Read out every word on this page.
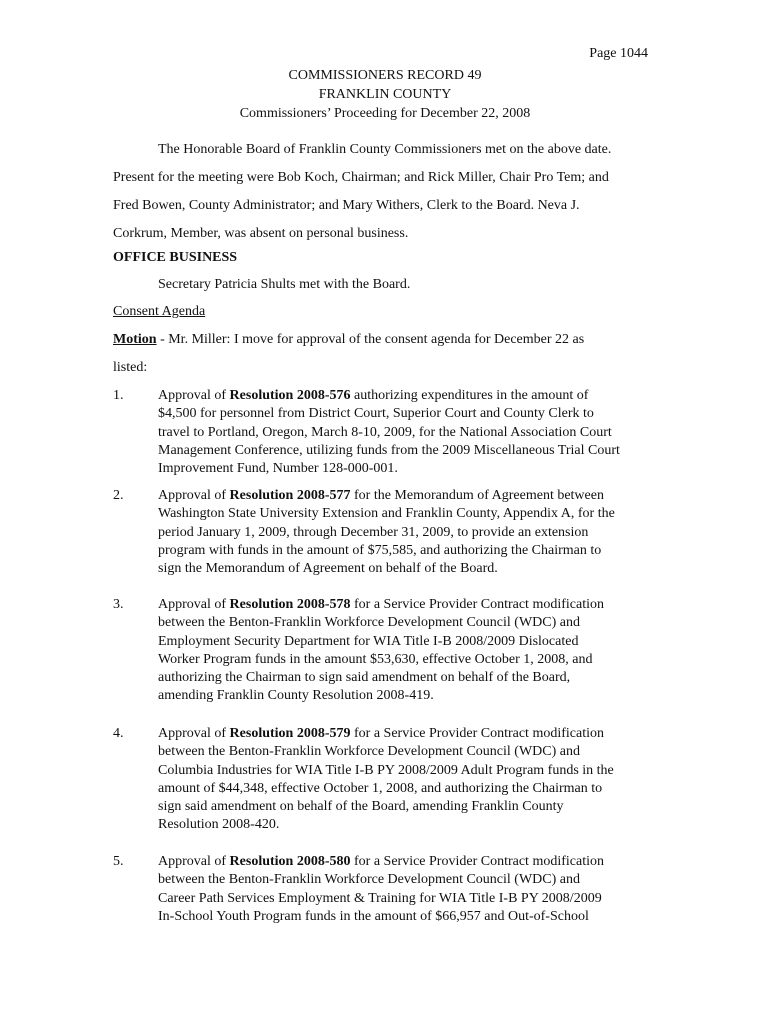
Page 1044
COMMISSIONERS RECORD 49
FRANKLIN COUNTY
Commissioners’ Proceeding for December 22, 2008
The Honorable Board of Franklin County Commissioners met on the above date.
Present for the meeting were Bob Koch, Chairman; and Rick Miller, Chair Pro Tem; and
Fred Bowen, County Administrator; and Mary Withers, Clerk to the Board. Neva J.
Corkrum, Member, was absent on personal business.
OFFICE BUSINESS
Secretary Patricia Shults met with the Board.
Consent Agenda
Motion - Mr. Miller: I move for approval of the consent agenda for December 22 as
listed:
1.	Approval of Resolution 2008-576 authorizing expenditures in the amount of
$4,500 for personnel from District Court, Superior Court and County Clerk to
travel to Portland, Oregon, March 8-10, 2009, for the National Association Court
Management Conference, utilizing funds from the 2009 Miscellaneous Trial Court
Improvement Fund, Number 128-000-001.
2.	Approval of Resolution 2008-577 for the Memorandum of Agreement between
Washington State University Extension and Franklin County, Appendix A, for the
period January 1, 2009, through December 31, 2009, to provide an extension
program with funds in the amount of $75,585, and authorizing the Chairman to
sign the Memorandum of Agreement on behalf of the Board.
3.	Approval of Resolution 2008-578 for a Service Provider Contract modification
between the Benton-Franklin Workforce Development Council (WDC) and
Employment Security Department for WIA Title I-B 2008/2009 Dislocated
Worker Program funds in the amount $53,630, effective October 1, 2008, and
authorizing the Chairman to sign said amendment on behalf of the Board,
amending Franklin County Resolution 2008-419.
4.	Approval of Resolution 2008-579 for a Service Provider Contract modification
between the Benton-Franklin Workforce Development Council (WDC) and
Columbia Industries for WIA Title I-B PY 2008/2009 Adult Program funds in the
amount of $44,348, effective October 1, 2008, and authorizing the Chairman to
sign said amendment on behalf of the Board, amending Franklin County
Resolution 2008-420.
5.	Approval of Resolution 2008-580 for a Service Provider Contract modification
between the Benton-Franklin Workforce Development Council (WDC) and
Career Path Services Employment & Training for WIA Title I-B PY 2008/2009
In-School Youth Program funds in the amount of $66,957 and Out-of-School
